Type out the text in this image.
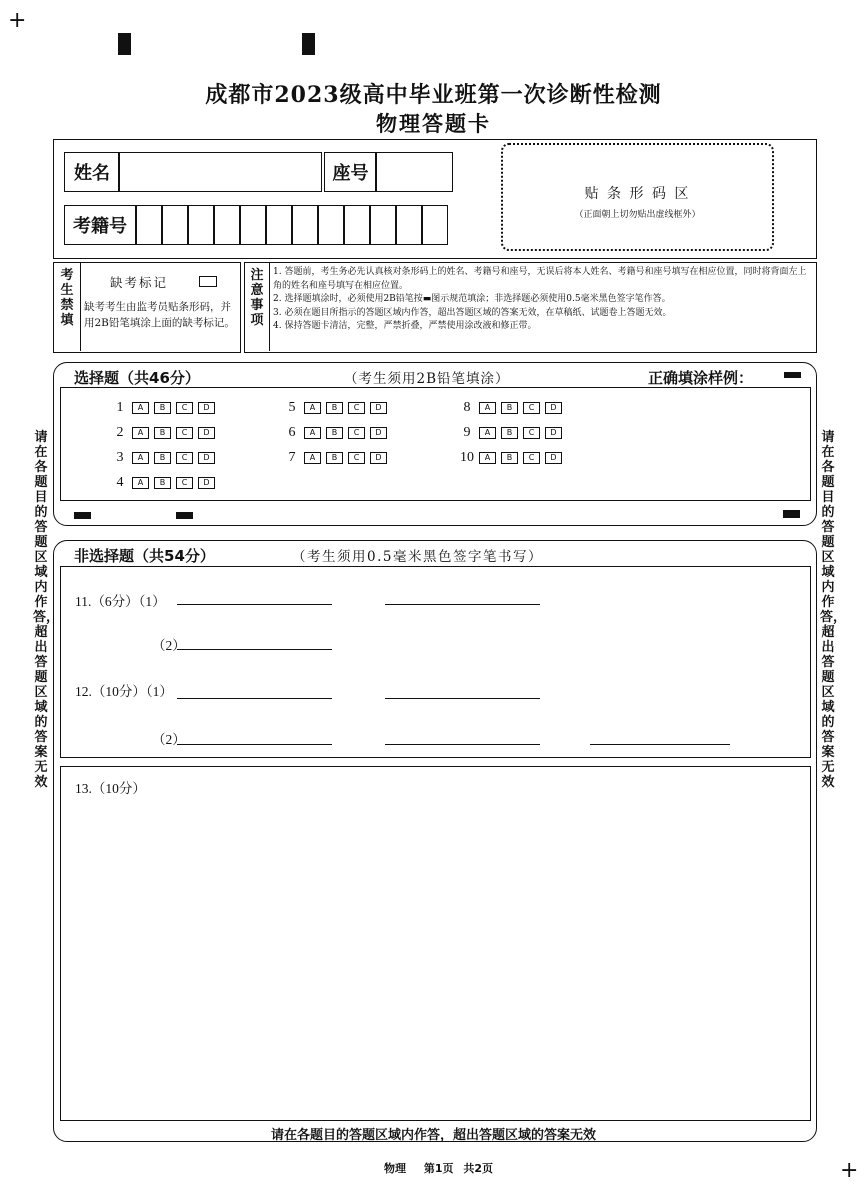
+
+
成都市2023级高中毕业班第一次诊断性检测
物理答题卡
姓名	座号
考籍号
贴 条 形 码 区
（正面朝上切勿贴出虚线框外）
考生禁填
缺考标记
缺考考生由监考员贴条形码，并用2B铅笔填涂上面的缺考标记。
注意事项
1. 答题前，考生务必先认真核对条形码上的姓名、考籍号和座号，无误后将本人姓名、考籍号和座号填写在相应位置，同时将背面左上角的姓名和座号填写在相应位置。
2. 选择题填涂时，必须使用2B铅笔按▬图示规范填涂；非选择题必须使用0.5毫米黑色签字笔作答。
3. 必须在题目所指示的答题区域内作答，超出答题区域的答案无效，在草稿纸、试题卷上答题无效。
4. 保持答题卡清洁，完整，严禁折叠，严禁使用涂改液和修正带。
请在各题目的答题区域内作答，超出答题区域的答案无效
请在各题目的答题区域内作答，超出答题区域的答案无效
选择题（共46分）	（考生须用2B铅笔填涂）	正确填涂样例：
1	A	B	C	D
2	A	B	C	D
3	A	B	C	D
4	A	B	C	D
5	A	B	C	D
6	A	B	C	D
7	A	B	C	D
8	A	B	C	D
9	A	B	C	D
10	A	B	C	D
非选择题（共54分）	（考生须用0.5毫米黑色签字笔书写）
11.（6分）（1）
（2）
12.（10分）（1）
（2）
13.（10分）
请在各题目的答题区域内作答，超出答题区域的答案无效
物理 第1页 共2页
